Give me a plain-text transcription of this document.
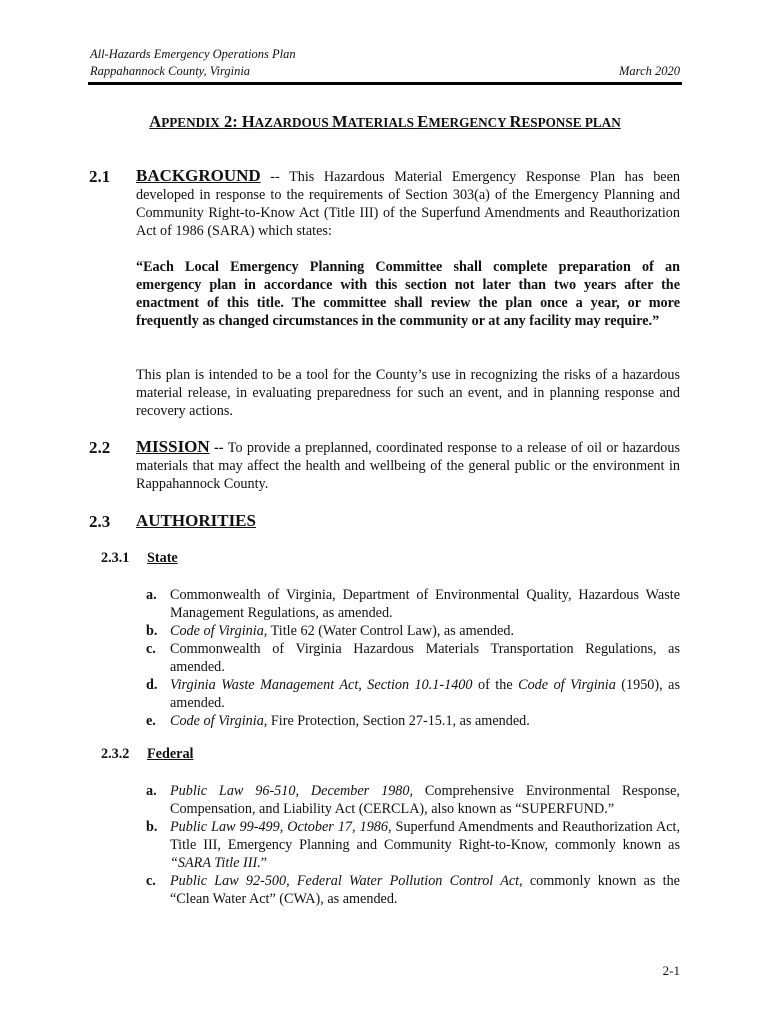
All-Hazards Emergency Operations Plan
Rappahannock County, Virginia	March 2020
APPENDIX 2: HAZARDOUS MATERIALS EMERGENCY RESPONSE PLAN
2.1 BACKGROUND -- This Hazardous Material Emergency Response Plan has been developed in response to the requirements of Section 303(a) of the Emergency Planning and Community Right-to-Know Act (Title III) of the Superfund Amendments and Reauthorization Act of 1986 (SARA) which states:

“Each Local Emergency Planning Committee shall complete preparation of an emergency plan in accordance with this section not later than two years after the enactment of this title. The committee shall review the plan once a year, or more frequently as changed circumstances in the community or at any facility may require.”

This plan is intended to be a tool for the County’s use in recognizing the risks of a hazardous material release, in evaluating preparedness for such an event, and in planning response and recovery actions.

2.2 MISSION -- To provide a preplanned, coordinated response to a release of oil or hazardous materials that may affect the health and wellbeing of the general public or the environment in Rappahannock County.

2.3 AUTHORITIES
2.3.1 State
a. Commonwealth of Virginia, Department of Environmental Quality, Hazardous Waste Management Regulations, as amended.
b. Code of Virginia, Title 62 (Water Control Law), as amended.
c. Commonwealth of Virginia Hazardous Materials Transportation Regulations, as amended.
d. Virginia Waste Management Act, Section 10.1-1400 of the Code of Virginia (1950), as amended.
e. Code of Virginia, Fire Protection, Section 27-15.1, as amended.
2.3.2 Federal
a. Public Law 96-510, December 1980, Comprehensive Environmental Response, Compensation, and Liability Act (CERCLA), also known as “SUPERFUND.”
b. Public Law 99-499, October 17, 1986, Superfund Amendments and Reauthorization Act, Title III, Emergency Planning and Community Right-to-Know, commonly known as “SARA Title III.”
c. Public Law 92-500, Federal Water Pollution Control Act, commonly known as the “Clean Water Act” (CWA), as amended.
2-1
